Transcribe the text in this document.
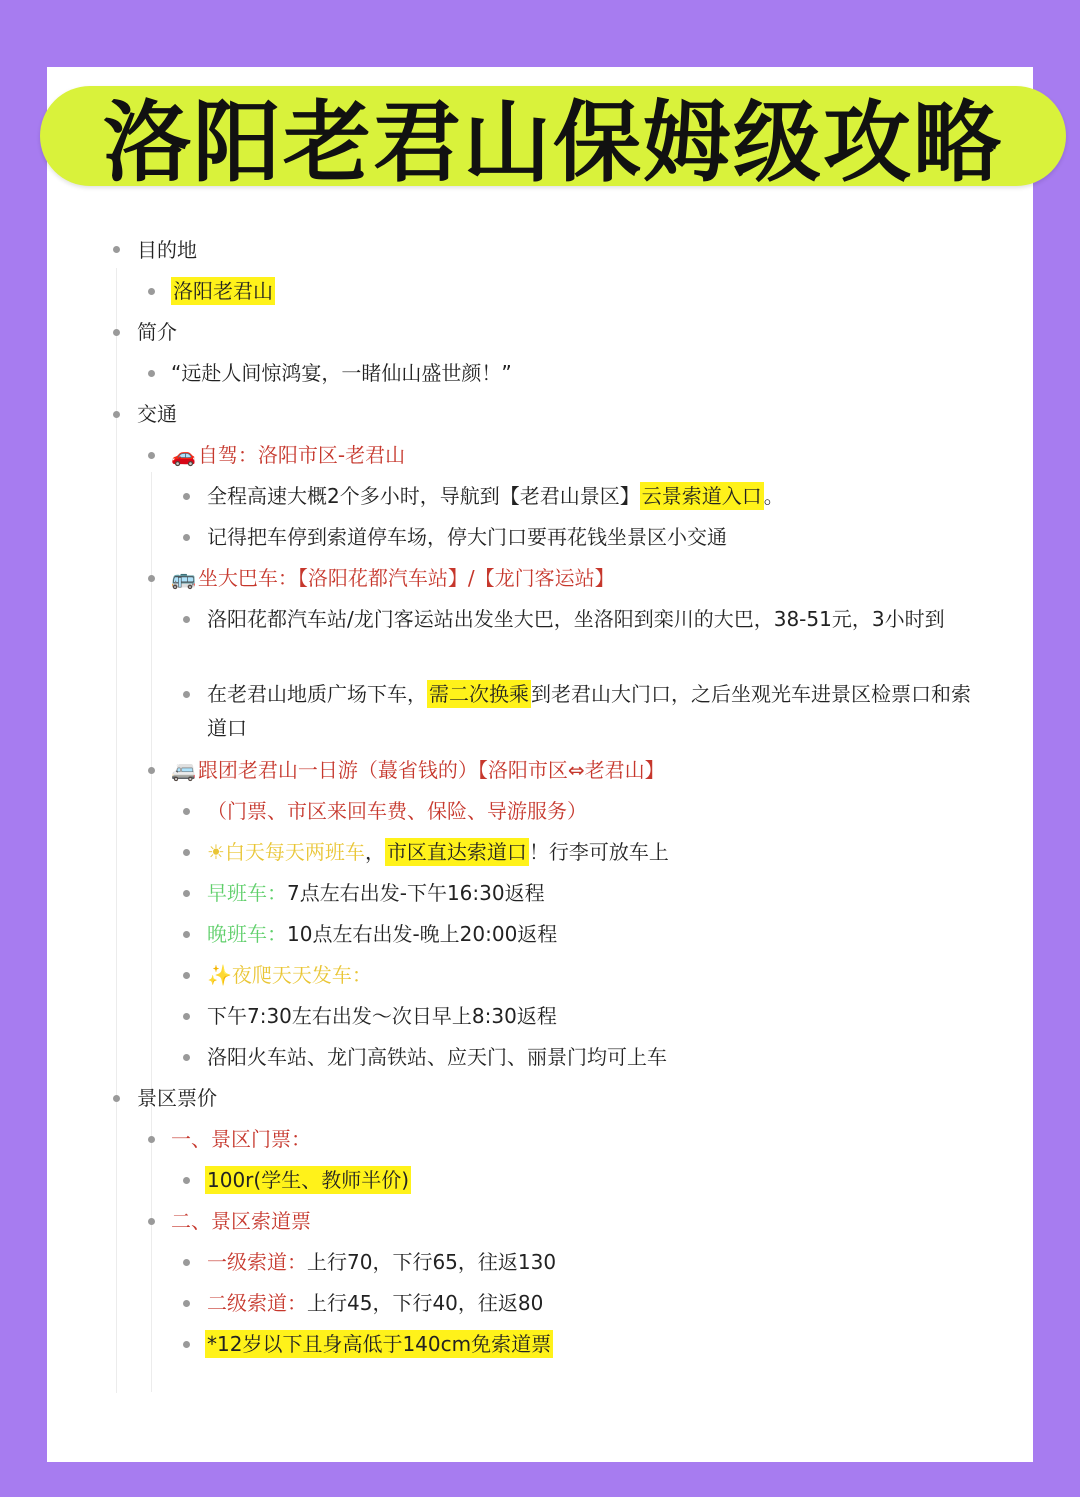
洛阳老君山保姆级攻略
目的地
洛阳老君山
简介
“远赴人间惊鸿宴，一睹仙山盛世颜！”
交通
🚗 自驾：洛阳市区-老君山
全程高速大概2个多小时，导航到【老君山景区】 云景索道入口 。
记得把车停到索道停车场，停大门口要再花钱坐景区小交通
🚌 坐大巴车：【洛阳花都汽车站】/【龙门客运站】
洛阳花都汽车站/龙门客运站出发坐大巴，坐洛阳到栾川的大巴，38-51元，3小时到
在老君山地质广场下车， 需二次换乘 到老君山大门口，之后坐观光车进景区检票口和索道口
🚐 跟团老君山一日游（蕞省钱的）【洛阳市区⇔老君山】
（门票、市区来回车费、保险、导游服务）
☀白天每天两班车， 市区直达索道口 ！行李可放车上
早班车：7点左右出发-下午16:30返程
晚班车：10点左右出发-晚上20:00返程
✨夜爬天天发车：
下午7:30左右出发～次日早上8:30返程
洛阳火车站、龙门高铁站、应天门、丽景门均可上车
景区票价
一、景区门票：
100r(学生、教师半价)
二、景区索道票
一级索道：上行70，下行65，往返130
二级索道：上行45，下行40，往返80
*12岁以下且身高低于140cm免索道票
